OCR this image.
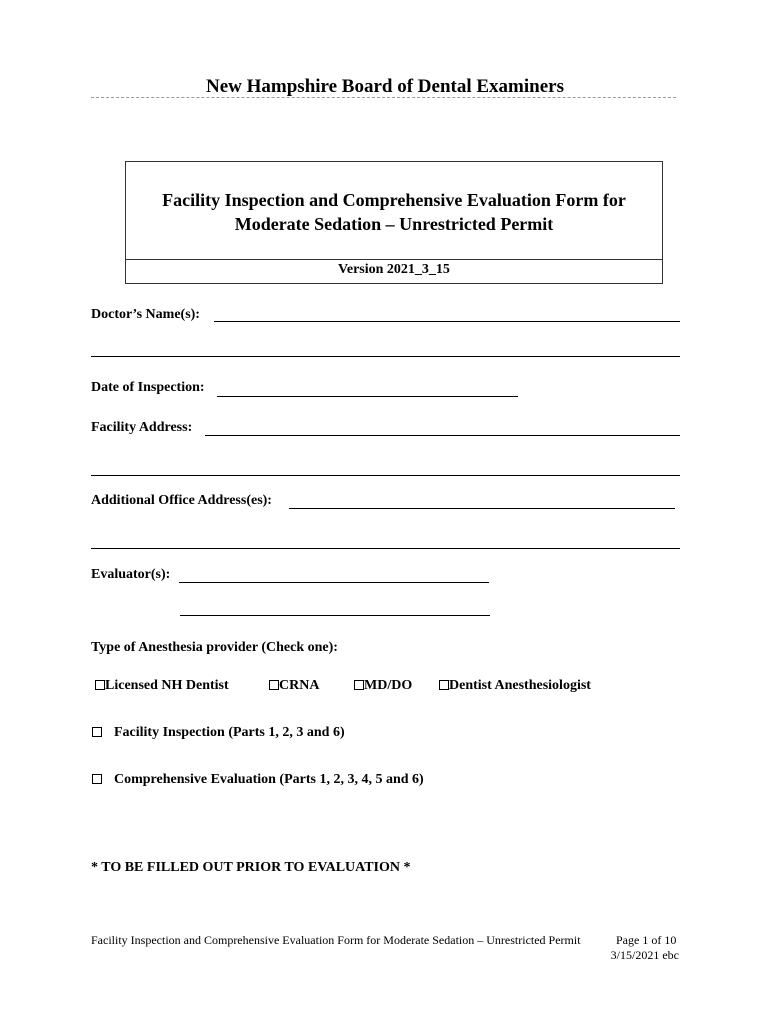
New Hampshire Board of Dental Examiners
Facility Inspection and Comprehensive Evaluation Form for
Moderate Sedation – Unrestricted Permit
Version 2021_3_15
Doctor’s Name(s):
Date of Inspection:
Facility Address:
Additional Office Address(es):
Evaluator(s):
Type of Anesthesia provider (Check one):
Licensed NH Dentist	CRNA	MD/DO	Dentist Anesthesiologist
Facility Inspection (Parts 1, 2, 3 and 6)
Comprehensive Evaluation (Parts 1, 2, 3, 4, 5 and 6)
* TO BE FILLED OUT PRIOR TO EVALUATION *
Facility Inspection and Comprehensive Evaluation Form for Moderate Sedation – Unrestricted Permit	Page 1 of 10
3/15/2021 ebc
